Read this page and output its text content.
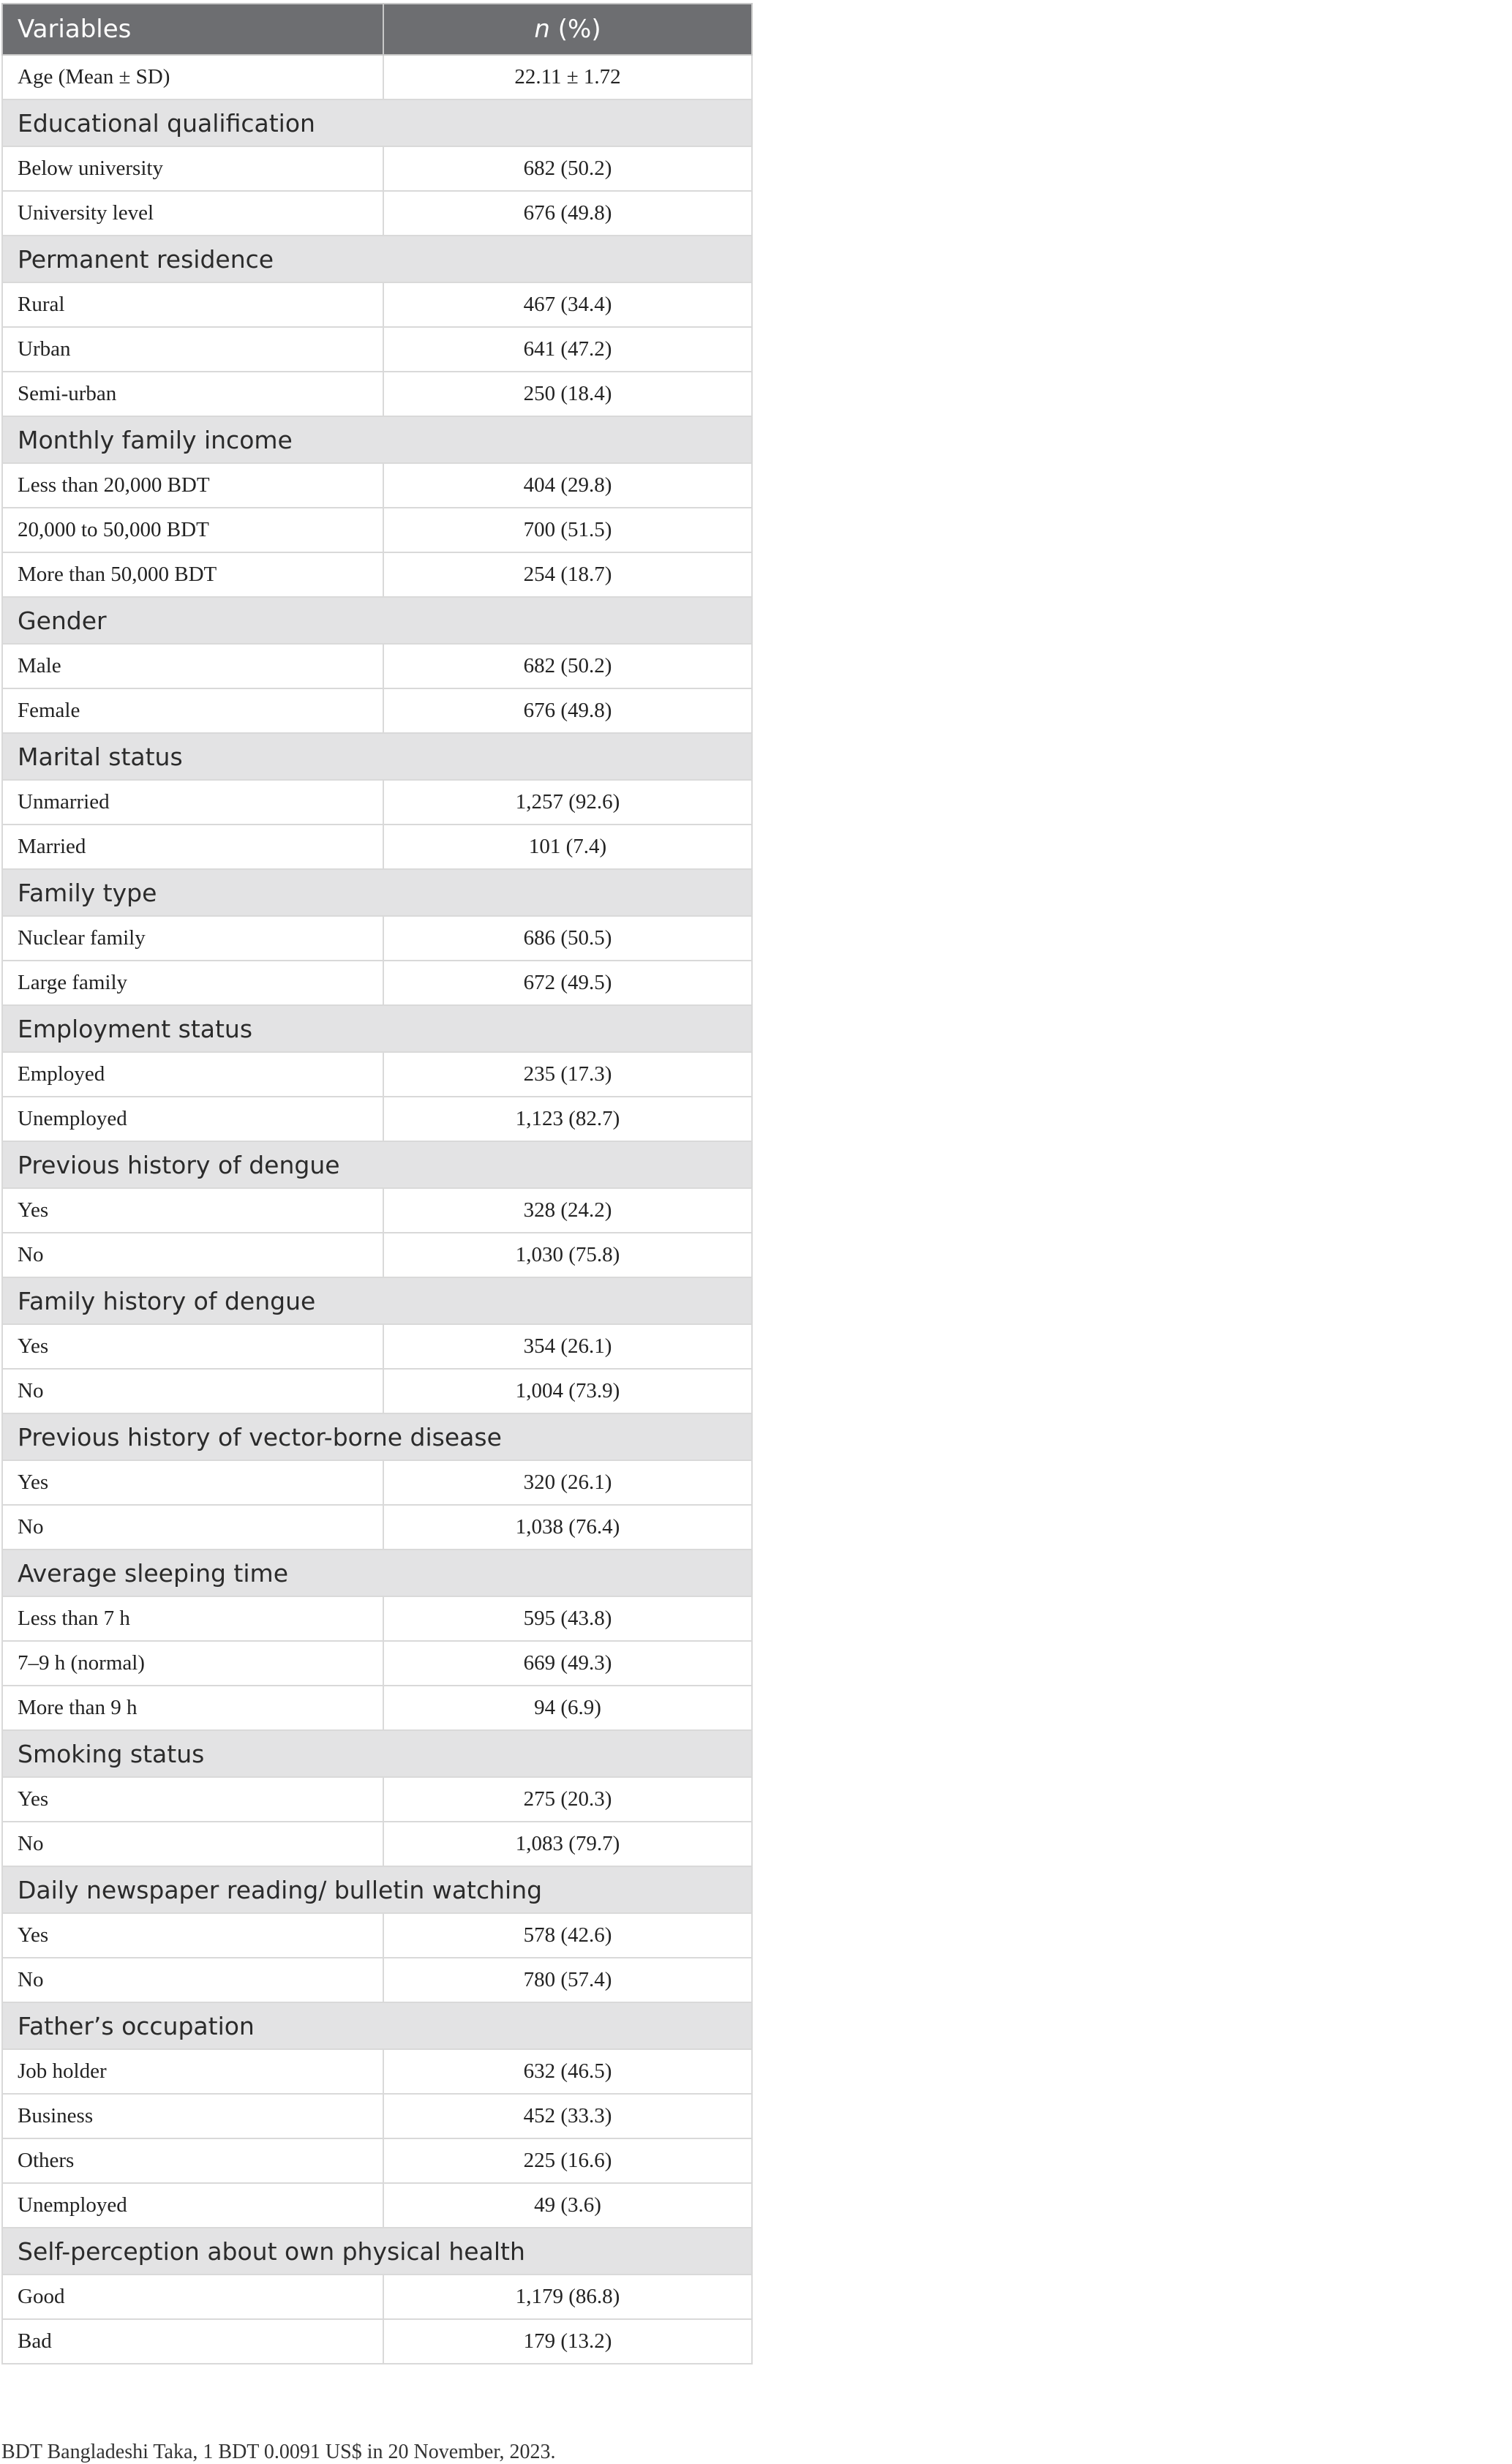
Variables	n (%)
Age (Mean ± SD)	22.11 ± 1.72
Educational qualification	
Below university	682 (50.2)
University level	676 (49.8)
Permanent residence	
Rural	467 (34.4)
Urban	641 (47.2)
Semi-urban	250 (18.4)
Monthly family income	
Less than 20,000 BDT	404 (29.8)
20,000 to 50,000 BDT	700 (51.5)
More than 50,000 BDT	254 (18.7)
Gender	
Male	682 (50.2)
Female	676 (49.8)
Marital status	
Unmarried	1,257 (92.6)
Married	101 (7.4)
Family type	
Nuclear family	686 (50.5)
Large family	672 (49.5)
Employment status	
Employed	235 (17.3)
Unemployed	1,123 (82.7)
Previous history of dengue	
Yes	328 (24.2)
No	1,030 (75.8)
Family history of dengue	
Yes	354 (26.1)
No	1,004 (73.9)
Previous history of vector-borne disease	
Yes	320 (26.1)
No	1,038 (76.4)
Average sleeping time	
Less than 7 h	595 (43.8)
7–9 h (normal)	669 (49.3)
More than 9 h	94 (6.9)
Smoking status	
Yes	275 (20.3)
No	1,083 (79.7)
Daily newspaper reading/ bulletin watching	
Yes	578 (42.6)
No	780 (57.4)
Father’s occupation	
Job holder	632 (46.5)
Business	452 (33.3)
Others	225 (16.6)
Unemployed	49 (3.6)
Self-perception about own physical health	
Good	1,179 (86.8)
Bad	179 (13.2)
BDT Bangladeshi Taka, 1 BDT 0.0091 US$ in 20 November, 2023.
